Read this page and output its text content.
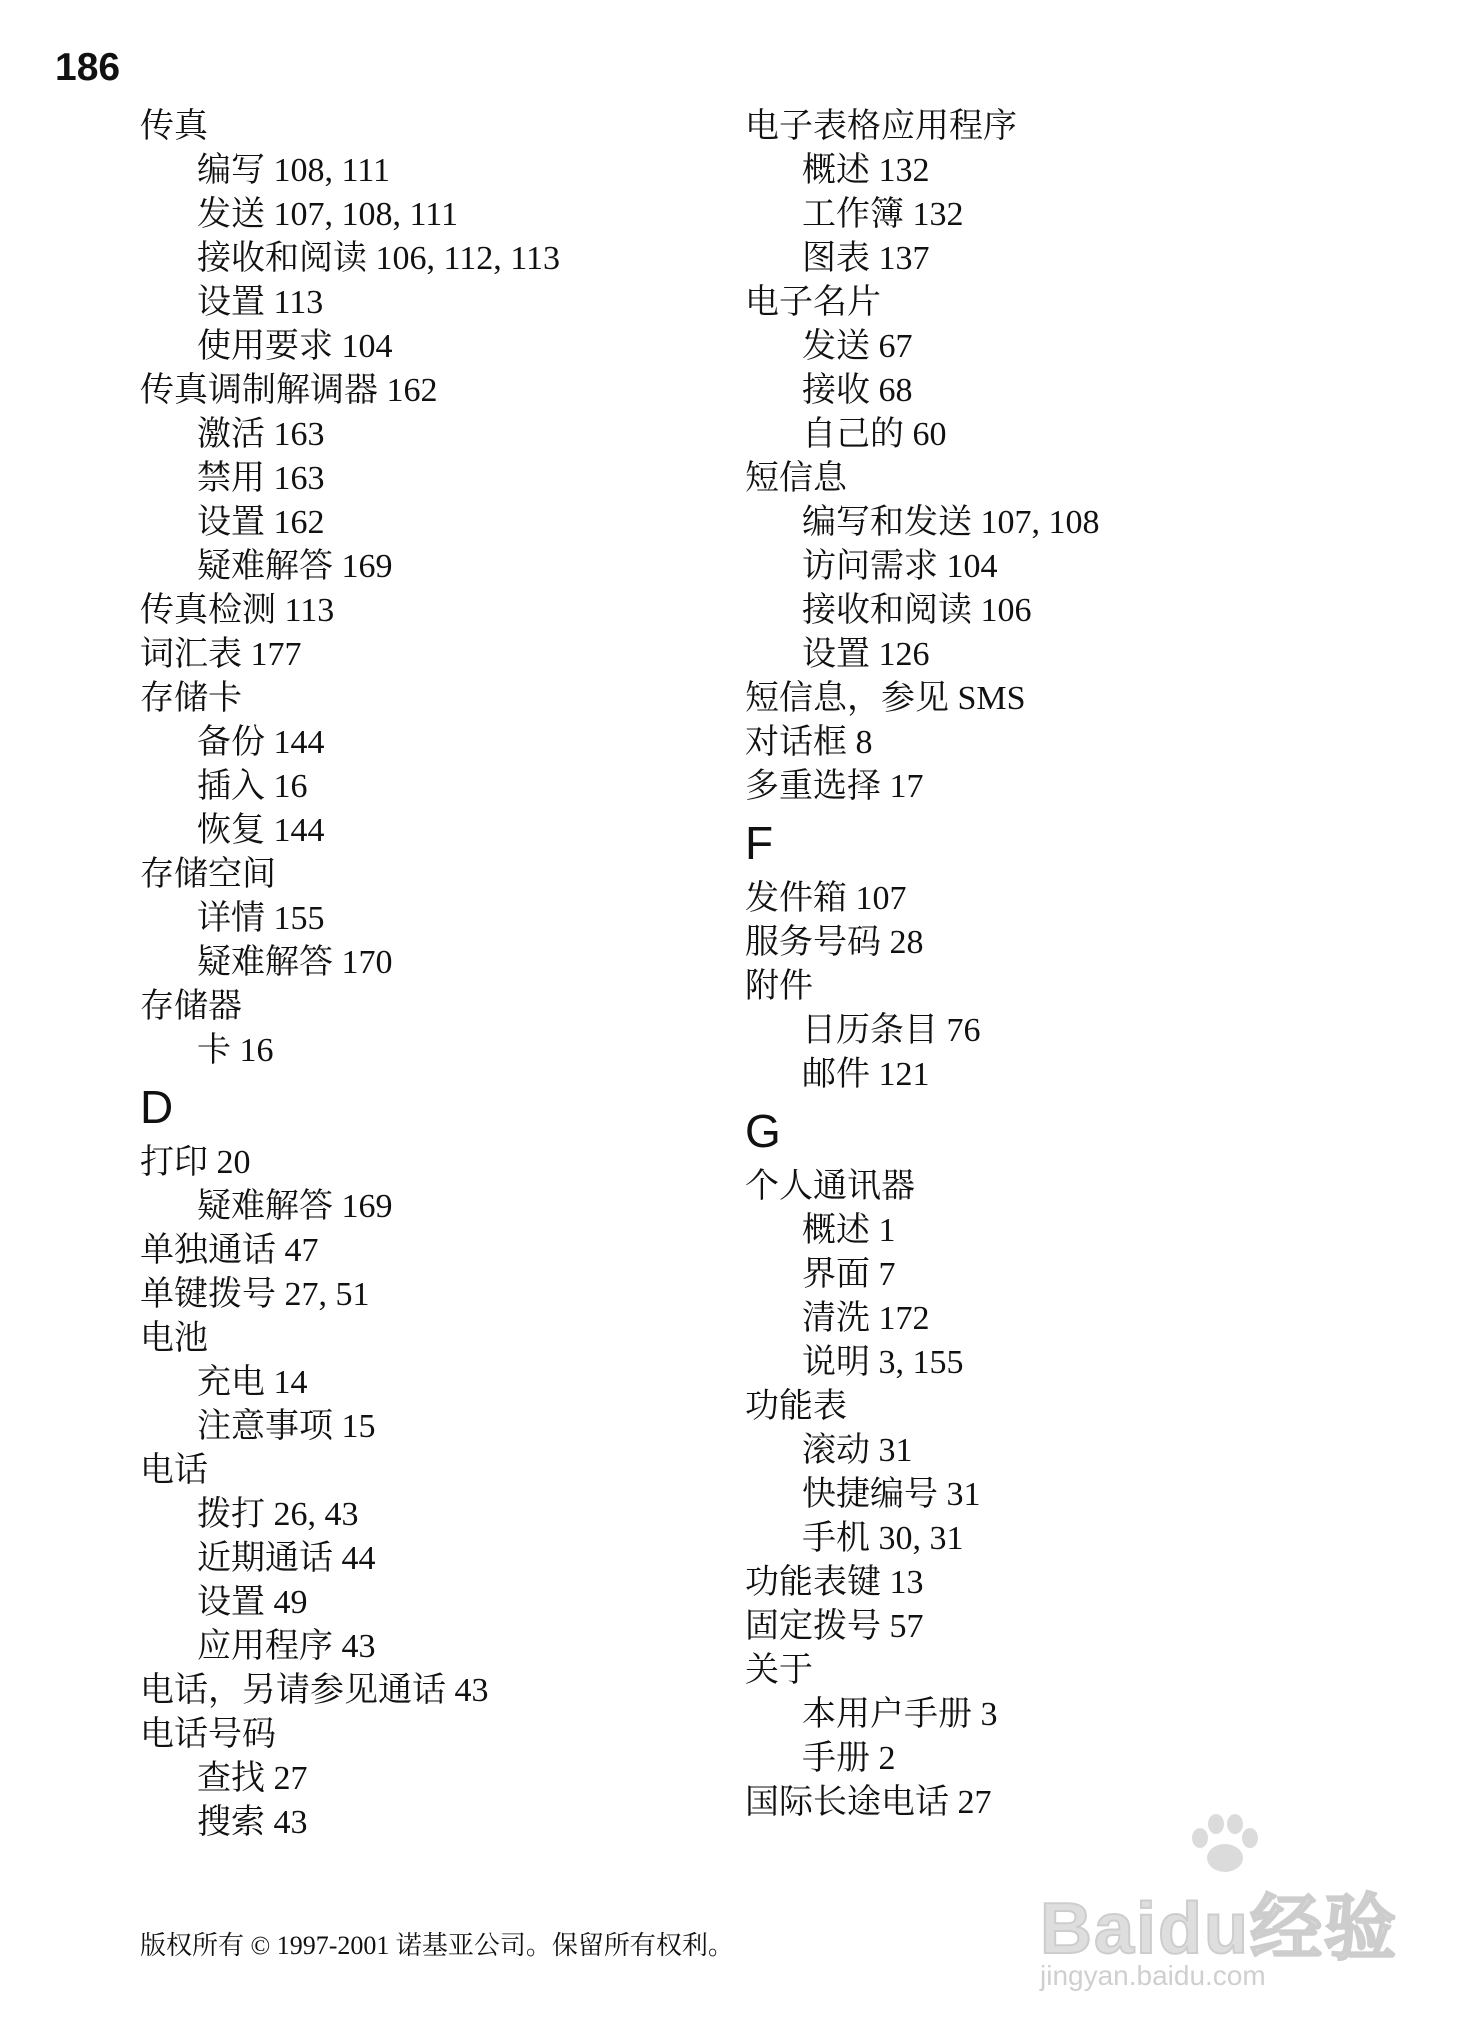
186
传真
编写 108, 111
发送 107, 108, 111
接收和阅读 106, 112, 113
设置 113
使用要求 104
传真调制解调器 162
激活 163
禁用 163
设置 162
疑难解答 169
传真检测 113
词汇表 177
存储卡
备份 144
插入 16
恢复 144
存储空间
详情 155
疑难解答 170
存储器
卡 16
D
打印 20
疑难解答 169
单独通话 47
单键拨号 27, 51
电池
充电 14
注意事项 15
电话
拨打 26, 43
近期通话 44
设置 49
应用程序 43
电话，另请参见通话 43
电话号码
查找 27
搜索 43
电子表格应用程序
概述 132
工作簿 132
图表 137
电子名片
发送 67
接收 68
自己的 60
短信息
编写和发送 107, 108
访问需求 104
接收和阅读 106
设置 126
短信息，参见 SMS
对话框 8
多重选择 17
F
发件箱 107
服务号码 28
附件
日历条目 76
邮件 121
G
个人通讯器
概述 1
界面 7
清洗 172
说明 3, 155
功能表
滚动 31
快捷编号 31
手机 30, 31
功能表键 13
固定拨号 57
关于
本用户手册 3
手册 2
国际长途电话 27
版权所有 © 1997-2001 诺基亚公司。保留所有权利。	Baidu经验
jingyan.baidu.com
